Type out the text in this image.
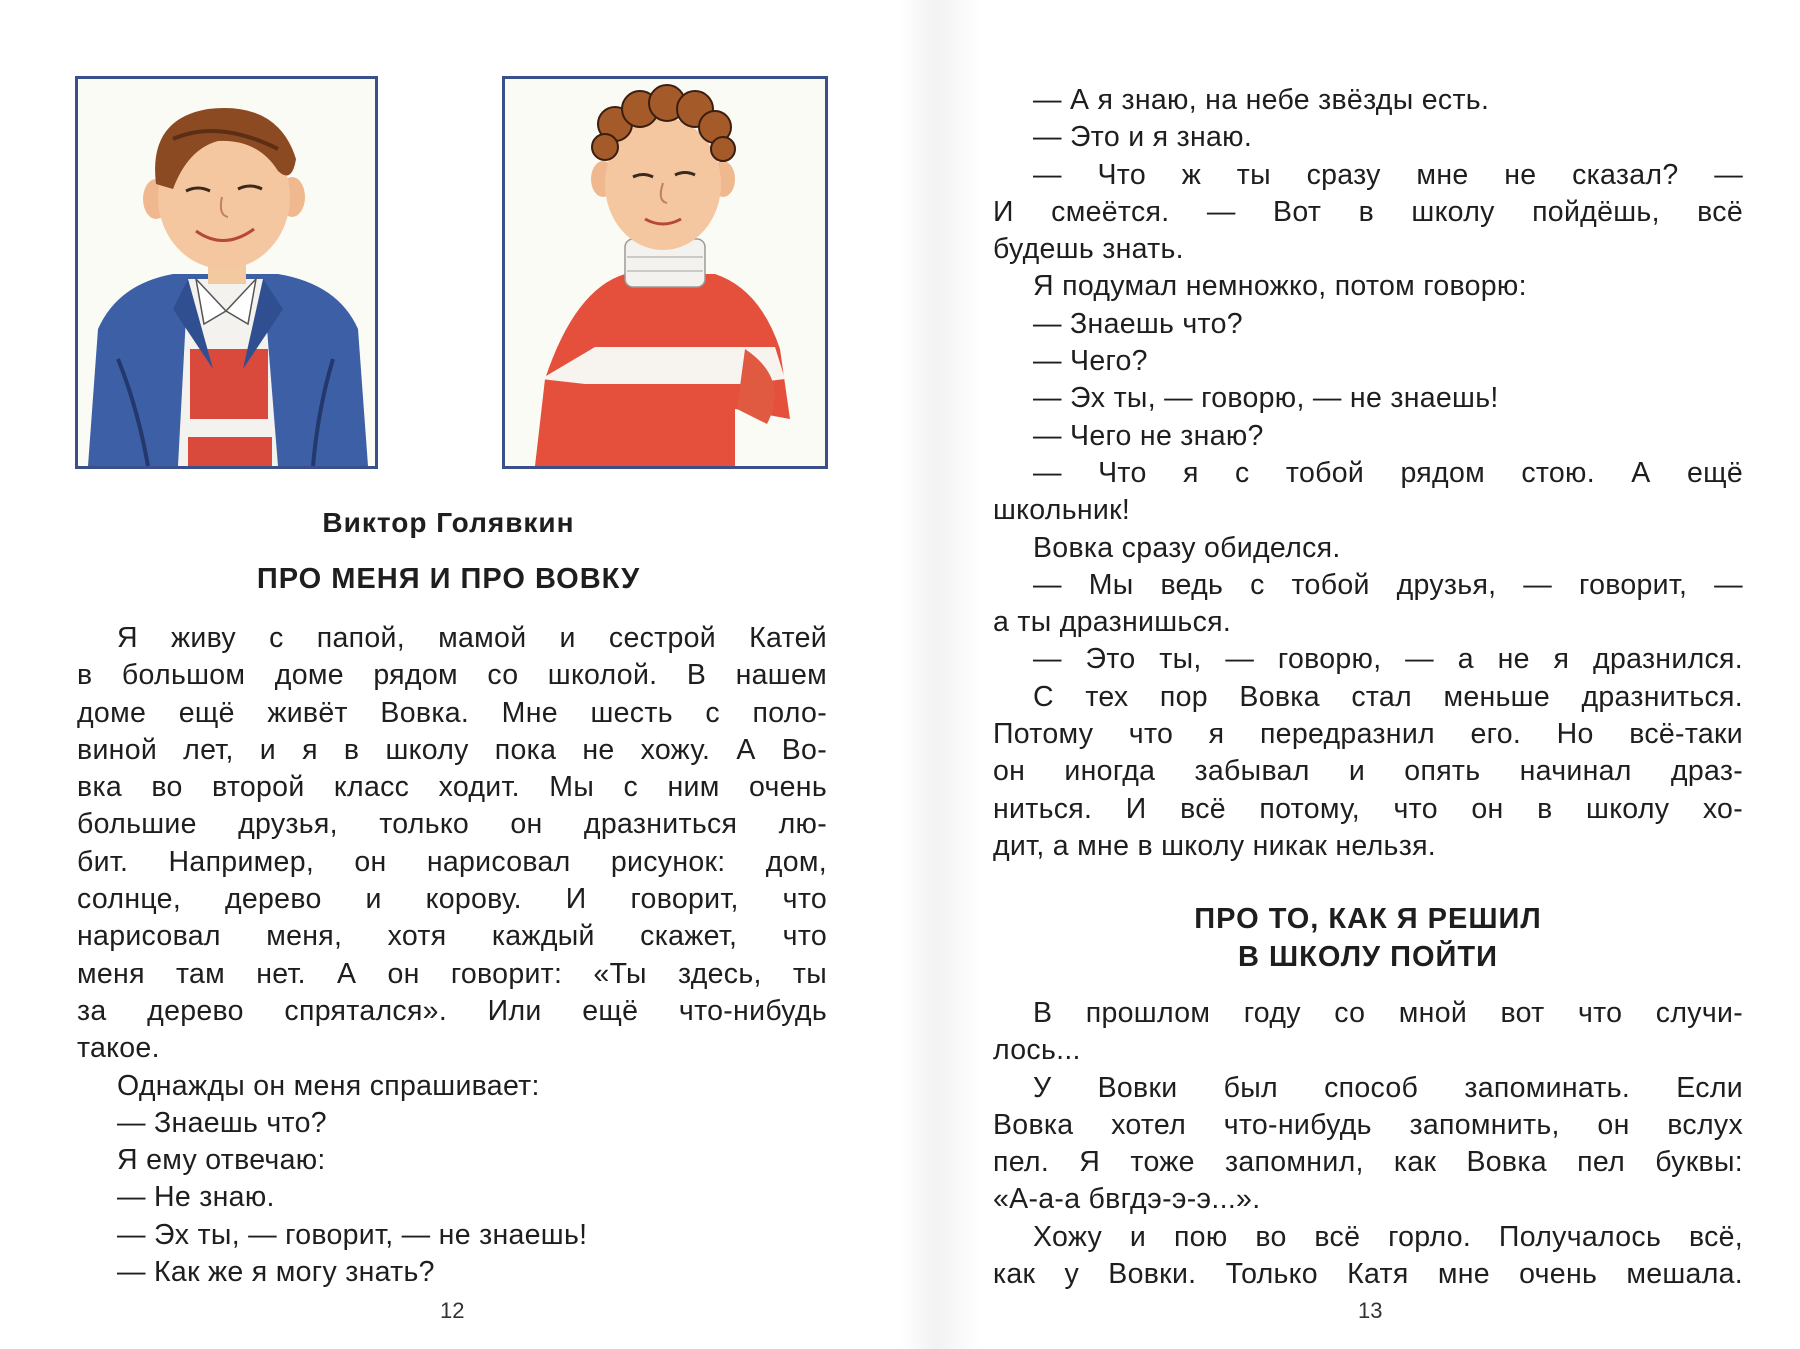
Виктор Голявкин
ПРО МЕНЯ И ПРО ВОВКУ
Я живу с папой, мамой и сестрой Катей
в большом доме рядом со школой. В нашем
доме ещё живёт Вовка. Мне шесть с поло-
виной лет, и я в школу пока не хожу. А Во-
вка во второй класс ходит. Мы с ним очень
большие друзья, только он дразниться лю-
бит. Например, он нарисовал рисунок: дом,
солнце, дерево и корову. И говорит, что
нарисовал меня, хотя каждый скажет, что
меня там нет. А он говорит: «Ты здесь, ты
за дерево спрятался». Или ещё что-нибудь
такое.
Однажды он меня спрашивает:
— Знаешь что?
Я ему отвечаю:
— Не знаю.
— Эх ты, — говорит, — не знаешь!
— Как же я могу знать?
12
— А я знаю, на небе звёзды есть.
— Это и я знаю.
— Что ж ты сразу мне не сказал? —
И смеётся. — Вот в школу пойдёшь, всё
будешь знать.
Я подумал немножко, потом говорю:
— Знаешь что?
— Чего?
— Эх ты, — говорю, — не знаешь!
— Чего не знаю?
— Что я с тобой рядом стою. А ещё
школьник!
Вовка сразу обиделся.
— Мы ведь с тобой друзья, — говорит, —
а ты дразнишься.
— Это ты, — говорю, — а не я дразнился.
С тех пор Вовка стал меньше дразниться.
Потому что я передразнил его. Но всё-таки
он иногда забывал и опять начинал драз-
ниться. И всё потому, что он в школу хо-
дит, а мне в школу никак нельзя.
ПРО ТО, КАК Я РЕШИЛ
В ШКОЛУ ПОЙТИ
В прошлом году со мной вот что случи-
лось...
У Вовки был способ запоминать. Если
Вовка хотел что-нибудь запомнить, он вслух
пел. Я тоже запомнил, как Вовка пел буквы:
«А-а-а бвгдэ-э-э...».
Хожу и пою во всё горло. Получалось всё,
как у Вовки. Только Катя мне очень мешала.
13
